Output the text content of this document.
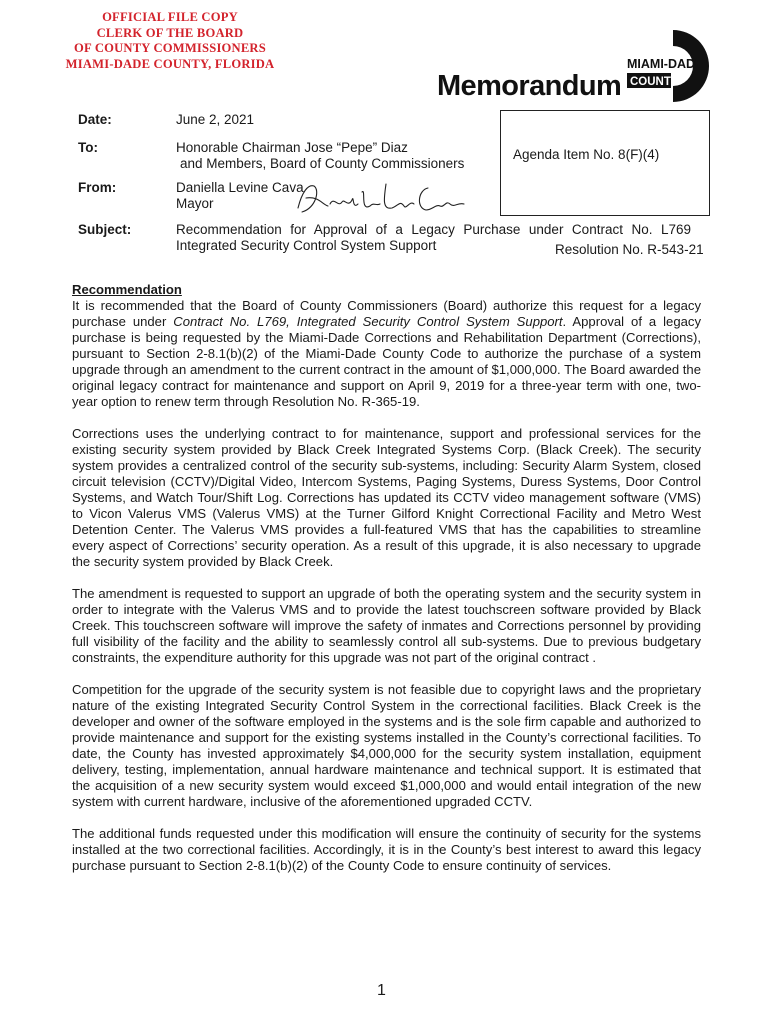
OFFICIAL FILE COPY
CLERK OF THE BOARD
OF COUNTY COMMISSIONERS
MIAMI-DADE COUNTY, FLORIDA
Memorandum
MIAMI-DADE
COUNTY
Date:	June 2, 2021
To:	Honorable Chairman Jose “Pepe” Diaz
and Members, Board of County Commissioners
From:	Daniella Levine Cava
Mayor
Agenda Item No. 8(F)(4)
Subject:	Recommendation for Approval of a Legacy Purchase under Contract No. L769
Integrated Security Control System Support	Resolution No. R-543-21
Recommendation

It is recommended that the Board of County Commissioners (Board) authorize this request for a legacy purchase under Contract No. L769, Integrated Security Control System Support. Approval of a legacy purchase is being requested by the Miami-Dade Corrections and Rehabilitation Department (Corrections), pursuant to Section 2-8.1(b)(2) of the Miami-Dade County Code to authorize the purchase of a system upgrade through an amendment to the current contract in the amount of $1,000,000. The Board awarded the original legacy contract for maintenance and support on April 9, 2019 for a three-year term with one, two-year option to renew term through Resolution No. R-365-19.

Corrections uses the underlying contract to for maintenance, support and professional services for the existing security system provided by Black Creek Integrated Systems Corp. (Black Creek). The security system provides a centralized control of the security sub-systems, including: Security Alarm System, closed circuit television (CCTV)/Digital Video, Intercom Systems, Paging Systems, Duress Systems, Door Control Systems, and Watch Tour/Shift Log. Corrections has updated its CCTV video management software (VMS) to Vicon Valerus VMS (Valerus VMS) at the Turner Gilford Knight Correctional Facility and Metro West Detention Center. The Valerus VMS provides a full-featured VMS that has the capabilities to streamline every aspect of Corrections’ security operation. As a result of this upgrade, it is also necessary to upgrade the security system provided by Black Creek.

The amendment is requested to support an upgrade of both the operating system and the security system in order to integrate with the Valerus VMS and to provide the latest touchscreen software provided by Black Creek. This touchscreen software will improve the safety of inmates and Corrections personnel by providing full visibility of the facility and the ability to seamlessly control all sub-systems. Due to previous budgetary constraints, the expenditure authority for this upgrade was not part of the original contract .

Competition for the upgrade of the security system is not feasible due to copyright laws and the proprietary nature of the existing Integrated Security Control System in the correctional facilities. Black Creek is the developer and owner of the software employed in the systems and is the sole firm capable and authorized to provide maintenance and support for the existing systems installed in the County’s correctional facilities. To date, the County has invested approximately $4,000,000 for the security system installation, equipment delivery, testing, implementation, annual hardware maintenance and technical support. It is estimated that the acquisition of a new security system would exceed $1,000,000 and would entail integration of the new system with current hardware, inclusive of the aforementioned upgraded CCTV.

The additional funds requested under this modification will ensure the continuity of security for the systems installed at the two correctional facilities. Accordingly, it is in the County’s best interest to award this legacy purchase pursuant to Section 2-8.1(b)(2) of the County Code to ensure continuity of services.

1
